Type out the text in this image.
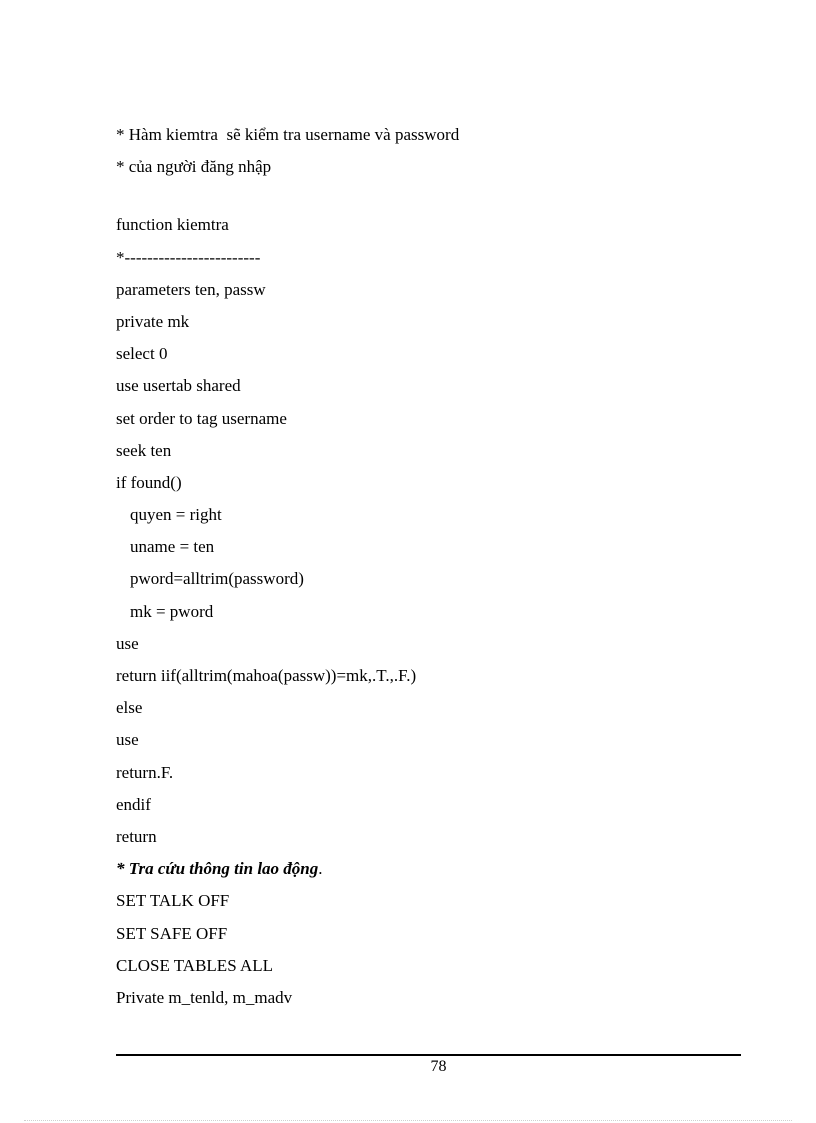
* Hàm kiemtra  sẽ kiểm tra username và password
* của người đăng nhập
function kiemtra
*------------------------
parameters ten, passw
private mk
select 0
use usertab shared
set order to tag username
seek ten
if found()
quyen = right
uname = ten
pword=alltrim(password)
mk = pword
use
return iif(alltrim(mahoa(passw))=mk,.T.,.F.)
else
use
return.F.
endif
return
* Tra cứu thông tin lao động.
SET TALK OFF
SET SAFE OFF
CLOSE TABLES ALL
Private m_tenld, m_madv
78
